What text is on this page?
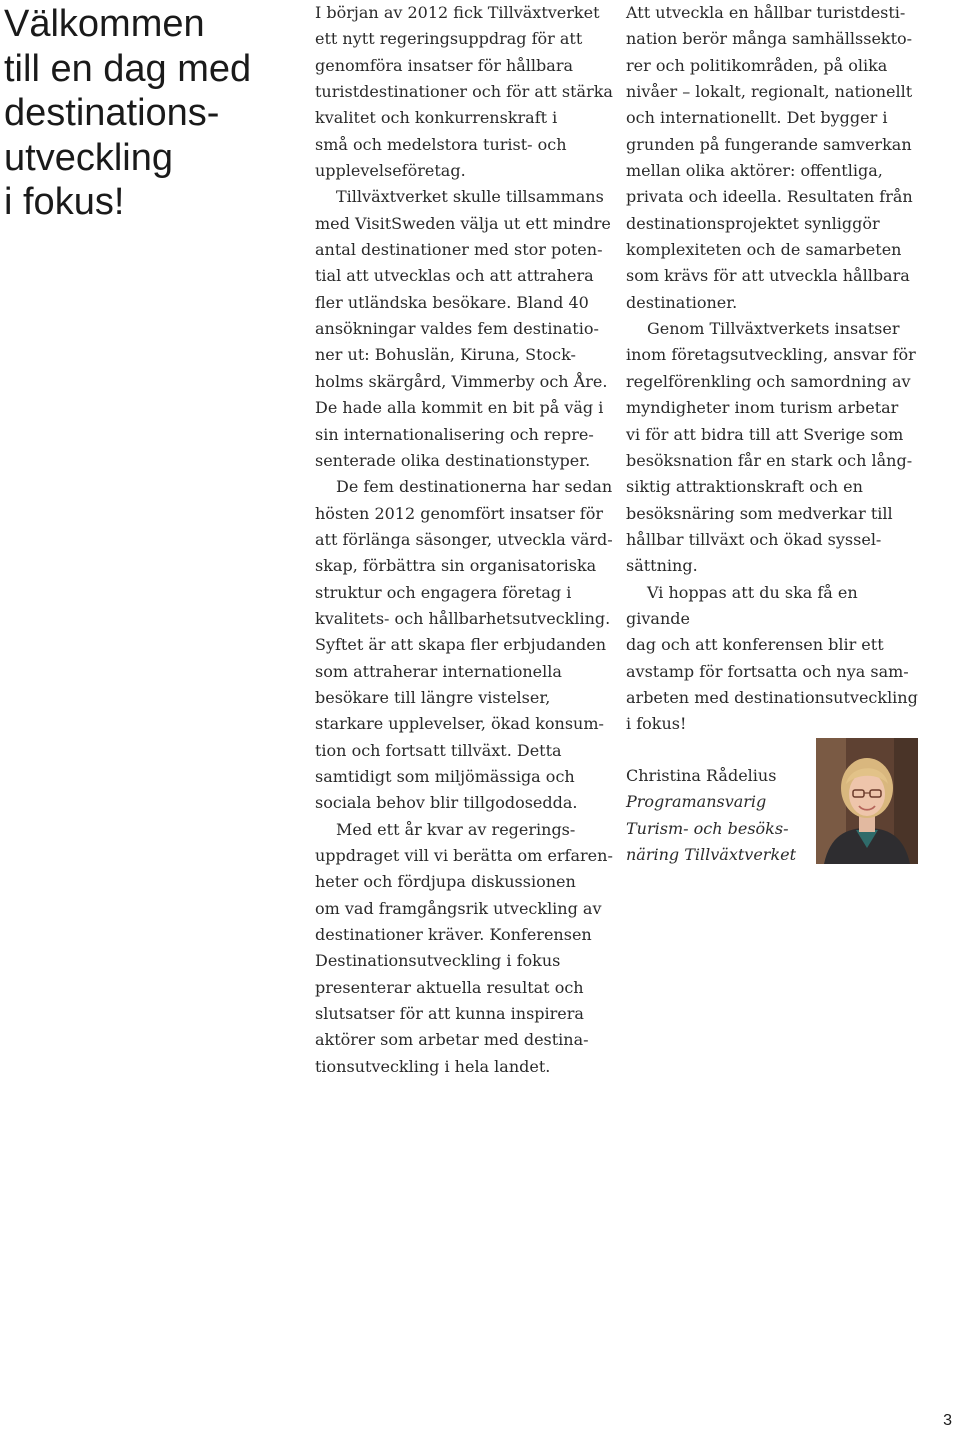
Välkommen
till en dag med
destinations-
utveckling
i fokus!

I början av 2012 fick Tillväxtverket
ett nytt regeringsuppdrag för att
genomföra insatser för hållbara
turistdestinationer och för att stärka
kvalitet och konkurrenskraft i
små och medelstora turist- och
upplevelseföretag.

Tillväxtverket skulle tillsammans
med VisitSweden välja ut ett mindre
antal destinationer med stor poten-
tial att utvecklas och att attrahera
fler utländska besökare. Bland 40
ansökningar valdes fem destinatio-
ner ut: Bohuslän, Kiruna, Stock-
holms skärgård, Vimmerby och Åre.
De hade alla kommit en bit på väg i
sin internationalisering och repre-
senterade olika destinationstyper.

De fem destinationerna har sedan
hösten 2012 genomfört insatser för
att förlänga säsonger, utveckla värd-
skap, förbättra sin organisatoriska
struktur och engagera företag i
kvalitets- och hållbarhetsutveckling.
Syftet är att skapa fler erbjudanden
som attraherar internationella
besökare till längre vistelser,
starkare upplevelser, ökad konsum-
tion och fortsatt tillväxt. Detta
samtidigt som miljömässiga och
sociala behov blir tillgodosedda.

Med ett år kvar av regerings-
uppdraget vill vi berätta om erfaren-
heter och fördjupa diskussionen
om vad framgångsrik utveckling av
destinationer kräver. Konferensen
Destinationsutveckling i fokus
presenterar aktuella resultat och
slutsatser för att kunna inspirera
aktörer som arbetar med destina-
tionsutveckling i hela landet.

Att utveckla en hållbar turistdesti-
nation berör många samhällssekto-
rer och politikområden, på olika
nivåer – lokalt, regionalt, nationellt
och internationellt. Det bygger i
grunden på fungerande samverkan
mellan olika aktörer: offentliga,
privata och ideella. Resultaten från
destinationsprojektet synliggör
komplexiteten och de samarbeten
som krävs för att utveckla hållbara
destinationer.

Genom Tillväxtverkets insatser
inom företagsutveckling, ansvar för
regelförenkling och samordning av
myndigheter inom turism arbetar
vi för att bidra till att Sverige som
besöksnation får en stark och lång-
siktig attraktionskraft och en
besöksnäring som medverkar till
hållbar tillväxt och ökad syssel-
sättning.

Vi hoppas att du ska få en givande
dag och att konferensen blir ett
avstamp för fortsatta och nya sam-
arbeten med destinationsutveckling
i fokus!

Christina Rådelius
Programansvarig
Turism- och besöks-
näring Tillväxtverket
3
